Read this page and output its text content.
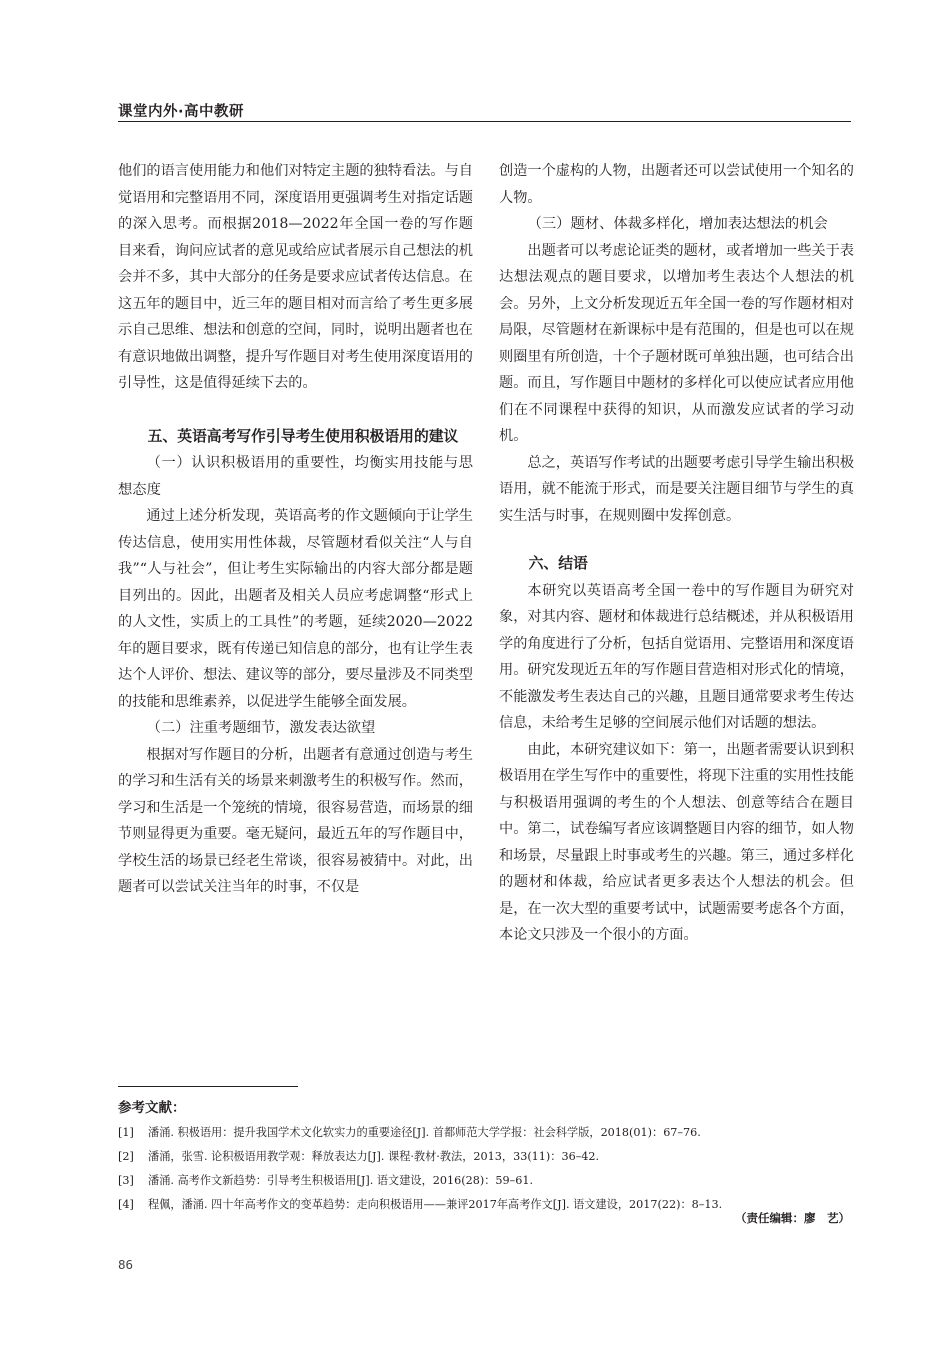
课堂内外·高中教研

他们的语言使用能力和他们对特定主题的独特看法。与自觉语用和完整语用不同，深度语用更强调考生对指定话题的深入思考。而根据2018—2022年全国一卷的写作题目来看，询问应试者的意见或给应试者展示自己想法的机会并不多，其中大部分的任务是要求应试者传达信息。在这五年的题目中，近三年的题目相对而言给了考生更多展示自己思维、想法和创意的空间，同时，说明出题者也在有意识地做出调整，提升写作题目对考生使用深度语用的引导性，这是值得延续下去的。

五、英语高考写作引导考生使用积极语用的建议
（一）认识积极语用的重要性，均衡实用技能与思想态度

通过上述分析发现，英语高考的作文题倾向于让学生传达信息，使用实用性体裁，尽管题材看似关注“人与自我”“人与社会”，但让考生实际输出的内容大部分都是题目列出的。因此，出题者及相关人员应考虑调整“形式上的人文性，实质上的工具性”的考题，延续2020—2022年的题目要求，既有传递已知信息的部分，也有让学生表达个人评价、想法、建议等的部分，要尽量涉及不同类型的技能和思维素养，以促进学生能够全面发展。

（二）注重考题细节，激发表达欲望

根据对写作题目的分析，出题者有意通过创造与考生的学习和生活有关的场景来刺激考生的积极写作。然而，学习和生活是一个笼统的情境，很容易营造，而场景的细节则显得更为重要。毫无疑问，最近五年的写作题目中，学校生活的场景已经老生常谈，很容易被猜中。对此，出题者可以尝试关注当年的时事，不仅是

创造一个虚构的人物，出题者还可以尝试使用一个知名的人物。

（三）题材、体裁多样化，增加表达想法的机会

出题者可以考虑论证类的题材，或者增加一些关于表达想法观点的题目要求，以增加考生表达个人想法的机会。另外，上文分析发现近五年全国一卷的写作题材相对局限，尽管题材在新课标中是有范围的，但是也可以在规则圈里有所创造，十个子题材既可单独出题，也可结合出题。而且，写作题目中题材的多样化可以使应试者应用他们在不同课程中获得的知识，从而激发应试者的学习动机。

总之，英语写作考试的出题要考虑引导学生输出积极语用，就不能流于形式，而是要关注题目细节与学生的真实生活与时事，在规则圈中发挥创意。

六、结语

本研究以英语高考全国一卷中的写作题目为研究对象，对其内容、题材和体裁进行总结概述，并从积极语用学的角度进行了分析，包括自觉语用、完整语用和深度语用。研究发现近五年的写作题目营造相对形式化的情境，不能激发考生表达自己的兴趣，且题目通常要求考生传达信息，未给考生足够的空间展示他们对话题的想法。

由此，本研究建议如下：第一，出题者需要认识到积极语用在学生写作中的重要性，将现下注重的实用性技能与积极语用强调的考生的个人想法、创意等结合在题目中。第二，试卷编写者应该调整题目内容的细节，如人物和场景，尽量跟上时事或考生的兴趣。第三，通过多样化的题材和体裁，给应试者更多表达个人想法的机会。但是，在一次大型的重要考试中，试题需要考虑各个方面，本论文只涉及一个很小的方面。

参考文献：
[1]	潘涌. 积极语用：提升我国学术文化软实力的重要途径[J]. 首都师范大学学报：社会科学版，2018(01)：67–76.
[2]	潘涌，张雪. 论积极语用教学观：释放表达力[J]. 课程·教材·教法，2013，33(11)：36–42.
[3]	潘涌. 高考作文新趋势：引导考生积极语用[J]. 语文建设，2016(28)：59–61.
[4]	程佩，潘涌. 四十年高考作文的变革趋势：走向积极语用——兼评2017年高考作文[J]. 语文建设，2017(22)：8–13.
（责任编辑：廖　艺）
86
